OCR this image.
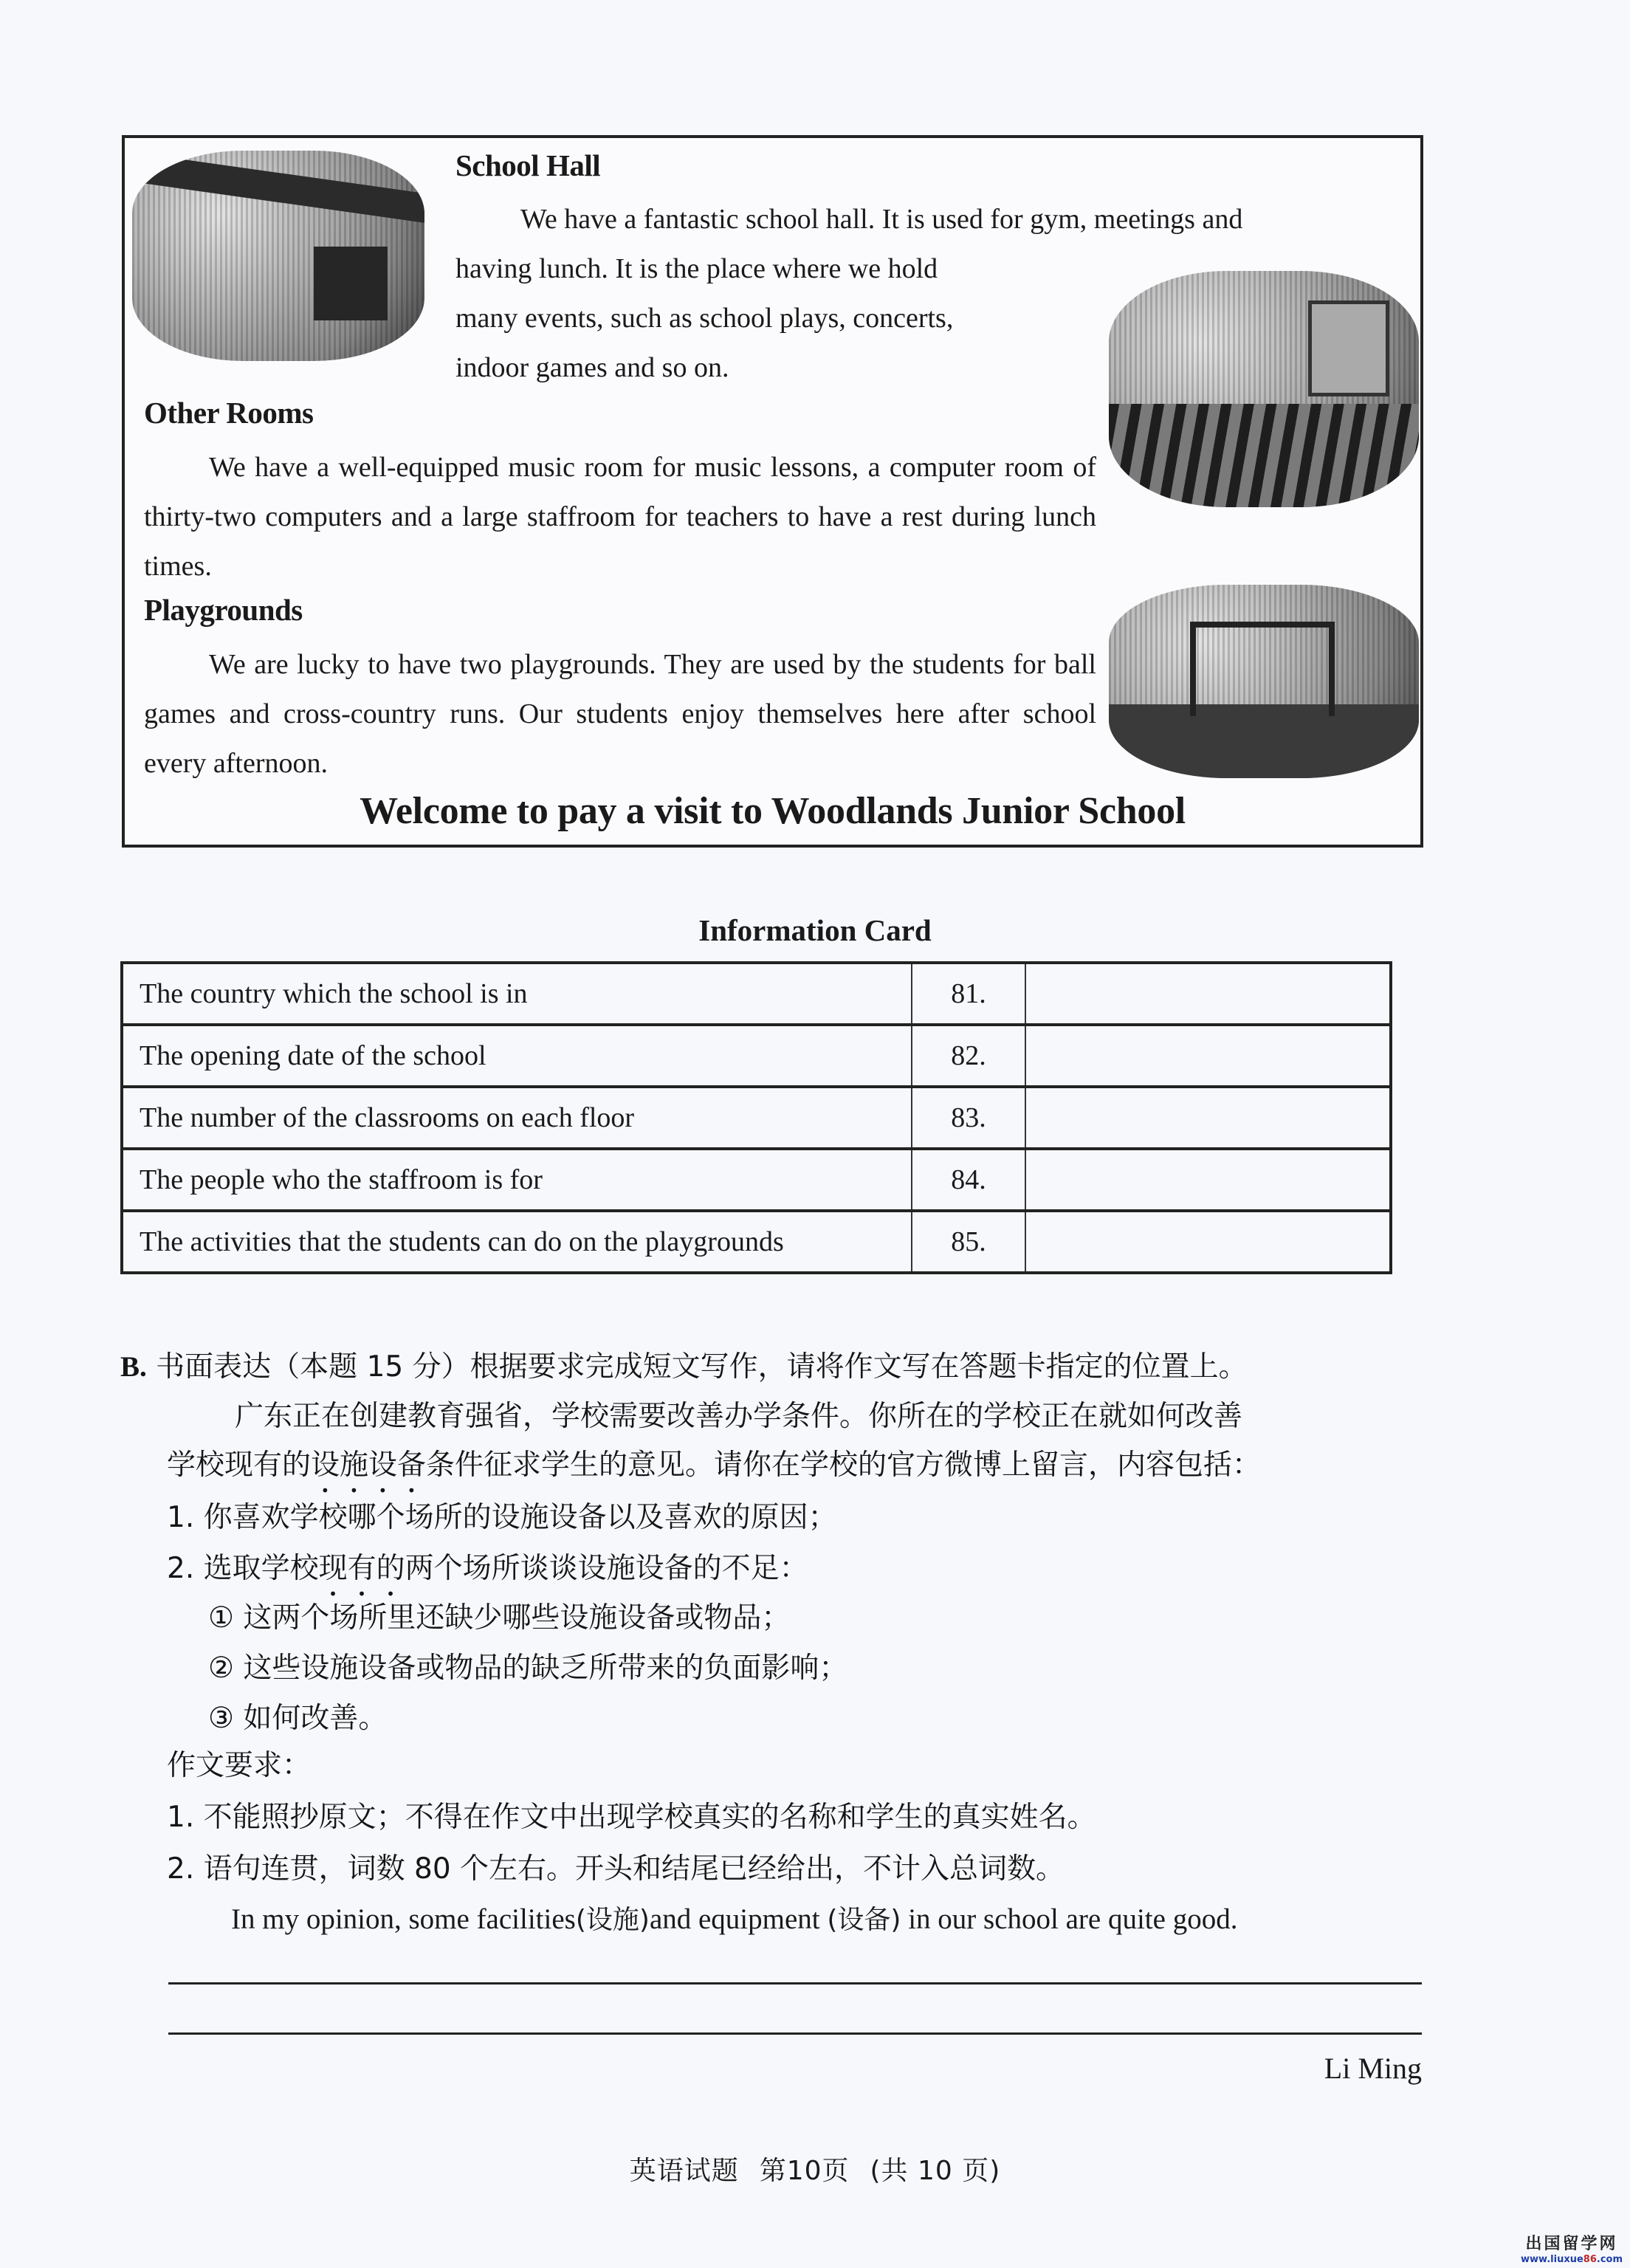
School Hall
We have a fantastic school hall. It is used for gym, meetings and
having lunch. It is the place where we hold
many events, such as school plays, concerts,
indoor games and so on.
Other Rooms
We have a well-equipped music room for music lessons, a computer room of thirty-two computers and a large staffroom for teachers to have a rest during lunch times.
Playgrounds
We are lucky to have two playgrounds. They are used by the students for ball games and cross-country runs. Our students enjoy themselves here after school every afternoon.
Welcome to pay a visit to Woodlands Junior School
Information Card
The country which the school is in	81.	
The opening date of the school	82.	
The number of the classrooms on each floor	83.	
The people who the staffroom is for	84.	
The activities that the students can do on the playgrounds	85.	
B. 书面表达（本题 15 分）根据要求完成短文写作，请将作文写在答题卡指定的位置上。
广东正在创建教育强省，学校需要改善办学条件。你所在的学校正在就如何改善
学校现有的设施设备条件征求学生的意见。请你在学校的官方微博上留言，内容包括：
1. 你喜欢学校哪个场所的设施设备以及喜欢的原因；
2. 选取学校现有的两个场所谈谈设施设备的不足：
① 这两个场所里还缺少哪些设施设备或物品；
② 这些设施设备或物品的缺乏所带来的负面影响；
③ 如何改善。
作文要求：
1. 不能照抄原文；不得在作文中出现学校真实的名称和学生的真实姓名。
2. 语句连贯，词数 80 个左右。开头和结尾已经给出，不计入总词数。
In my opinion, some facilities(设施)and equipment (设备) in our school are quite good.
Li Ming
英语试题 第10页 (共 10 页)
出国留学网
www.liuxue86.com
